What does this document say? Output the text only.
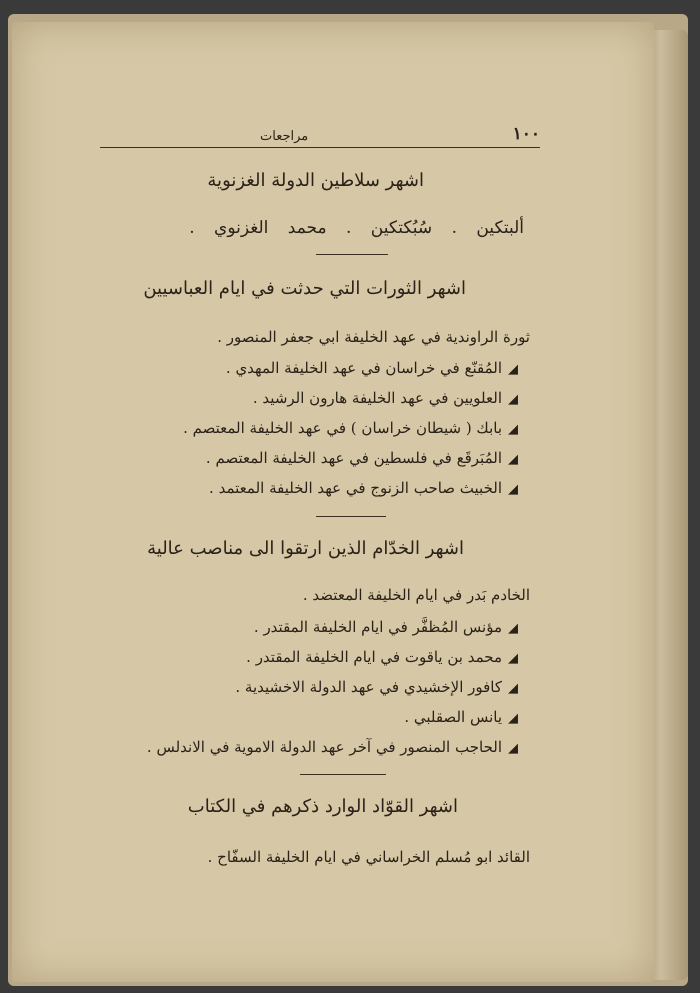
١٠٠
مراجعات
اشهر سلاطين الدولة الغزنوية
ألبتكين . سُبُكتكين . محمد الغزنوي .
اشهر الثورات التي حدثت في ايام العباسيين
ثورة الراوندية في عهد الخليفة ابي جعفر المنصور .
◢المُقنّع في خراسان في عهد الخليفة المهدي .
◢العلويين في عهد الخليفة هارون الرشيد .
◢بابك ( شيطان خراسان ) في عهد الخليفة المعتصم .
◢المُبَرقَع في فلسطين في عهد الخليفة المعتصم .
◢الخبيث صاحب الزنوج في عهد الخليفة المعتمد .
اشهر الخدّام الذين ارتقوا الى مناصب عالية
الخادم بَدر في ايام الخليفة المعتضد .
◢مؤنس المُظفَّر في ايام الخليفة المقتدر .
◢محمد بن ياقوت في ايام الخليفة المقتدر .
◢كافور الإخشيدي في عهد الدولة الاخشيدية .
◢يانس الصقلبي .
◢الحاجب المنصور في آخر عهد الدولة الاموية في الاندلس .
اشهر القوّاد الوارد ذكرهم في الكتاب
القائد ابو مُسلم الخراساني في ايام الخليفة السفّاح .
